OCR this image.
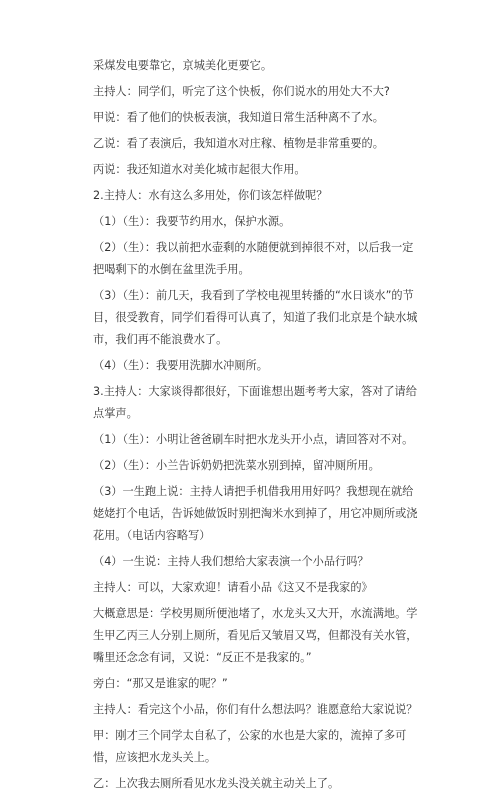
采煤发电要靠它，京城美化更要它。

主持人：同学们，听完了这个快板，你们说水的用处大不大?

甲说：看了他们的快板表演，我知道日常生活种离不了水。

乙说：看了表演后，我知道水对庄稼、植物是非常重要的。

丙说：我还知道水对美化城市起很大作用。

2.主持人：水有这么多用处，你们该怎样做呢？

（1）（生）：我要节约用水，保护水源。

（2）（生）：我以前把水壶剩的水随便就到掉很不对，以后我一定把喝剩下的水倒在盆里洗手用。

（3）（生）：前几天，我看到了学校电视里转播的“水日谈水”的节目，很受教育，同学们看得可认真了，知道了我们北京是个缺水城市，我们再不能浪费水了。

（4）（生）：我要用洗脚水冲厕所。

3.主持人：大家谈得都很好，下面谁想出题考考大家，答对了请给点掌声。

（1）（生）：小明让爸爸刷车时把水龙头开小点，请回答对不对。

（2）（生）：小兰告诉奶奶把洗菜水别到掉，留冲厕所用。

（3）一生跑上说：主持人请把手机借我用用好吗？我想现在就给姥姥打个电话，告诉她做饭时别把淘米水到掉了，用它冲厕所或浇花用。（电话内容略写）

（4）一生说：主持人我们想给大家表演一个小品行吗？

主持人：可以，大家欢迎！请看小品《这又不是我家的》

大概意思是：学校男厕所便池堵了，水龙头又大开，水流满地。学生甲乙丙三人分别上厕所，看见后又皱眉又骂，但都没有关水管，嘴里还念念有词，又说：“反正不是我家的。”

旁白：“那又是谁家的呢？”

主持人：看完这个小品，你们有什么想法吗？谁愿意给大家说说？

甲：刚才三个同学太自私了，公家的水也是大家的，流掉了多可惜，应该把水龙头关上。

乙：上次我去厕所看见水龙头没关就主动关上了。
